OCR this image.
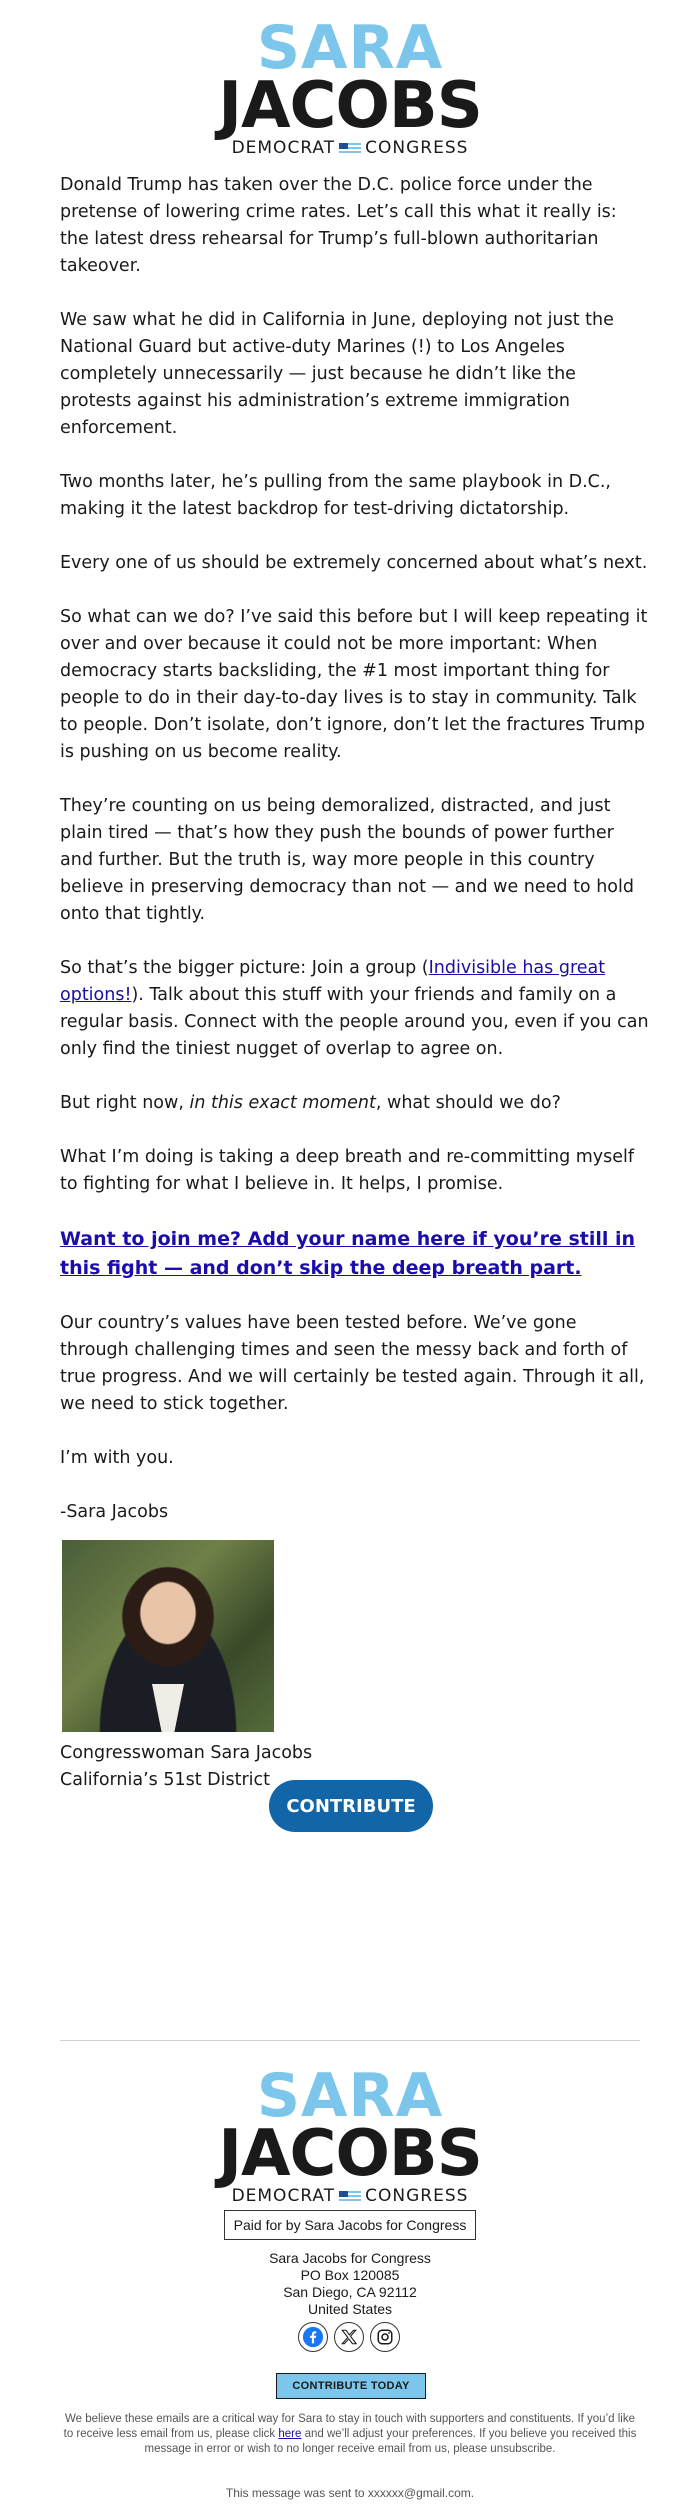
SARA
JACOBS
DEMOCRAT CONGRESS

Donald Trump has taken over the D.C. police force under the pretense of lowering crime rates. Let’s call this what it really is: the latest dress rehearsal for Trump’s full-blown authoritarian takeover.

We saw what he did in California in June, deploying not just the National Guard but active-duty Marines (!) to Los Angeles completely unnecessarily — just because he didn’t like the protests against his administration’s extreme immigration enforcement.

Two months later, he’s pulling from the same playbook in D.C., making it the latest backdrop for test-driving dictatorship.

Every one of us should be extremely concerned about what’s next.

So what can we do? I’ve said this before but I will keep repeating it over and over because it could not be more important: When democracy starts backsliding, the #1 most important thing for people to do in their day-to-day lives is to stay in community. Talk to people. Don’t isolate, don’t ignore, don’t let the fractures Trump is pushing on us become reality.

They’re counting on us being demoralized, distracted, and just plain tired — that’s how they push the bounds of power further and further. But the truth is, way more people in this country believe in preserving democracy than not — and we need to hold onto that tightly.

So that’s the bigger picture: Join a group (Indivisible has great options!). Talk about this stuff with your friends and family on a regular basis. Connect with the people around you, even if you can only find the tiniest nugget of overlap to agree on.

But right now, in this exact moment, what should we do?

What I’m doing is taking a deep breath and re-committing myself to fighting for what I believe in. It helps, I promise.

Want to join me? Add your name here if you’re still in this fight — and don’t skip the deep breath part.

Our country’s values have been tested before. We’ve gone through challenging times and seen the messy back and forth of true progress. And we will certainly be tested again. Through it all, we need to stick together.

I’m with you.

-Sara Jacobs

Congresswoman Sara Jacobs
California’s 51st District
CONTRIBUTE
SARA
JACOBS
DEMOCRAT CONGRESS
Paid for by Sara Jacobs for Congress
Sara Jacobs for Congress
PO Box 120085
San Diego, CA 92112
United States
CONTRIBUTE TODAY
We believe these emails are a critical way for Sara to stay in touch with supporters and constituents. If you’d like to receive less email from us, please click here and we’ll adjust your preferences. If you believe you received this message in error or wish to no longer receive email from us, please unsubscribe.
This message was sent to xxxxxx@gmail.com.
